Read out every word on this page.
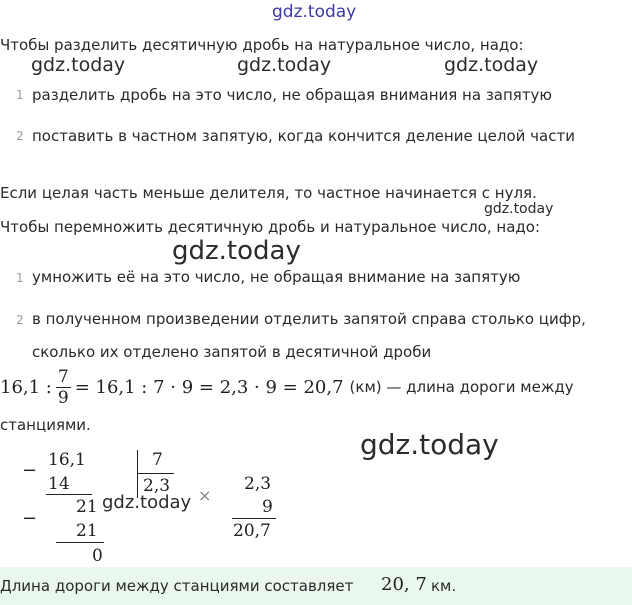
gdz.today
Чтобы разделить десятичную дробь на натуральное число, надо:
gdz.today	gdz.today	gdz.today
1 разделить дробь на это число, не обращая внимания на запятую
2 поставить в частном запятую, когда кончится деление целой части
Если целая часть меньше делителя, то частное начинается с нуля.
gdz.today
Чтобы перемножить десятичную дробь и натуральное число, надо:
gdz.today
1 умножить её на это число, не обращая внимание на запятую
2 в полученном произведении отделить запятой справа столько цифр,
сколько их отделено запятой в десятичной дроби
16,1 : $\frac{7}{9} = 16,1$ : 7 · 9 = 2,3 · 9 = 20,7 (км) — длина дороги между
станциями.
gdz.today
− 16,1
14
21
−
21
0
7
2,3
gdz.today ×
2,3
9
20,7
Длина дороги между станциями составляет 20, 7 км.
